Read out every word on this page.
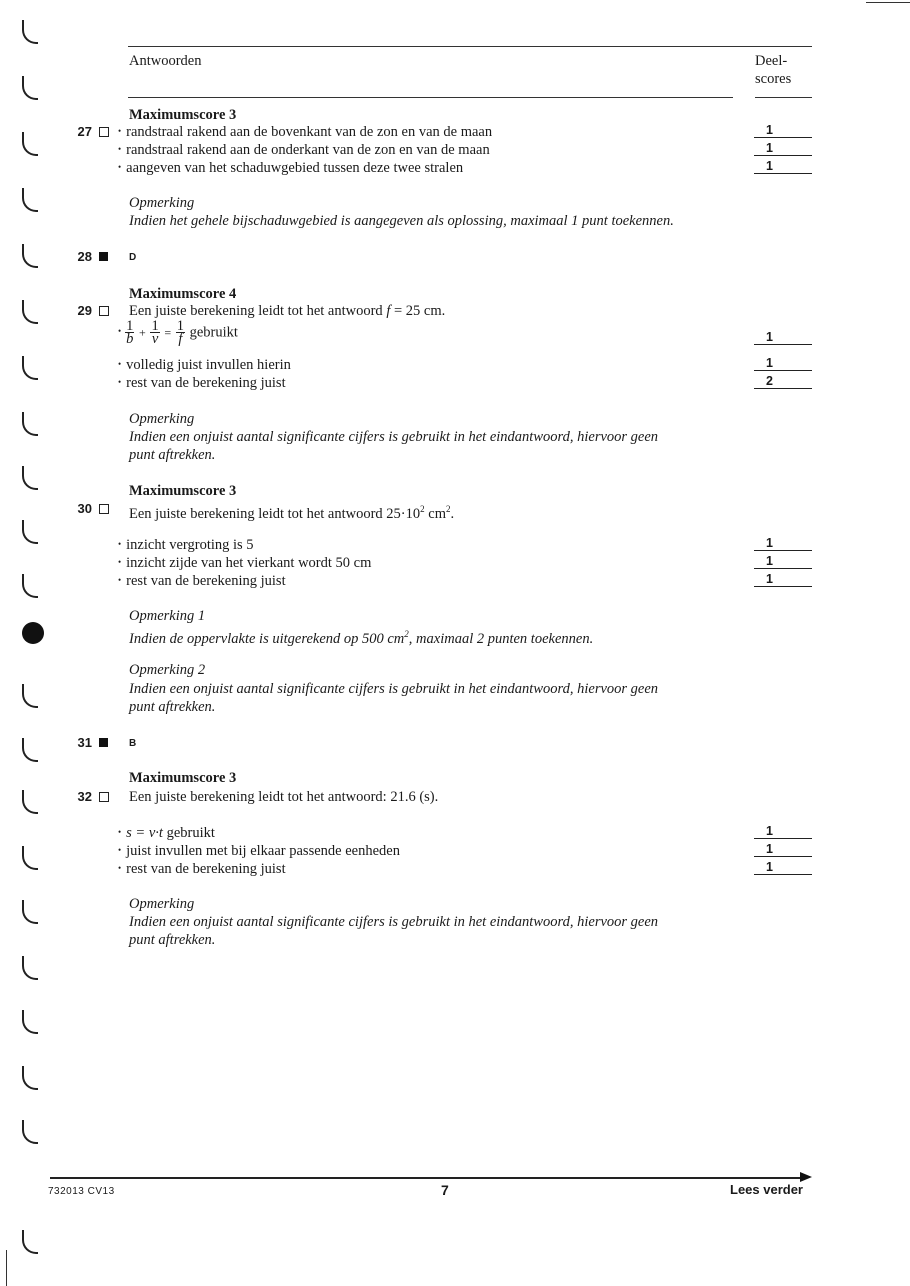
Antwoorden	Deel-
scores
Maximumscore 3
27
•	randstraal rakend aan de bovenkant van de zon en van de maan
• randstraal rakend aan de onderkant van de zon en van de maan
• aangeven van het schaduwgebied tussen deze twee stralen
1
1
1
Opmerking
Indien het gehele bijschaduwgebied is aangegeven als oplossing, maximaal 1 punt toekennen.
28	D
Maximumscore 4
29	Een juiste berekening leidt tot het antwoord f = 25 cm.
• $\frac{1}{b} + \frac{1}{v} = \frac{1}{f}$ gebruikt
• volledig juist invullen hierin
• rest van de berekening juist
1
1
2
Opmerking
Indien een onjuist aantal significante cijfers is gebruikt in het eindantwoord, hiervoor geen
punt aftrekken.
Maximumscore 3
30	Een juiste berekening leidt tot het antwoord $25\cdot 10^2$ $cm^2$.
• inzicht vergroting is 5
• inzicht zijde van het vierkant wordt 50 cm
• rest van de berekening juist
1
1
1
Opmerking 1
Indien de oppervlakte is uitgerekend op 500 $cm^2$, maximaal 2 punten toekennen.
Opmerking 2
Indien een onjuist aantal significante cijfers is gebruikt in het eindantwoord, hiervoor geen
punt aftrekken.
31	B
Maximumscore 3
32	Een juiste berekening leidt tot het antwoord: 21.6 (s).
• s = v·t gebruikt
• juist invullen met bij elkaar passende eenheden
• rest van de berekening juist
1
1
1
Opmerking
Indien een onjuist aantal significante cijfers is gebruikt in het eindantwoord, hiervoor geen
punt aftrekken.
732013 CV13	7	Lees verder
